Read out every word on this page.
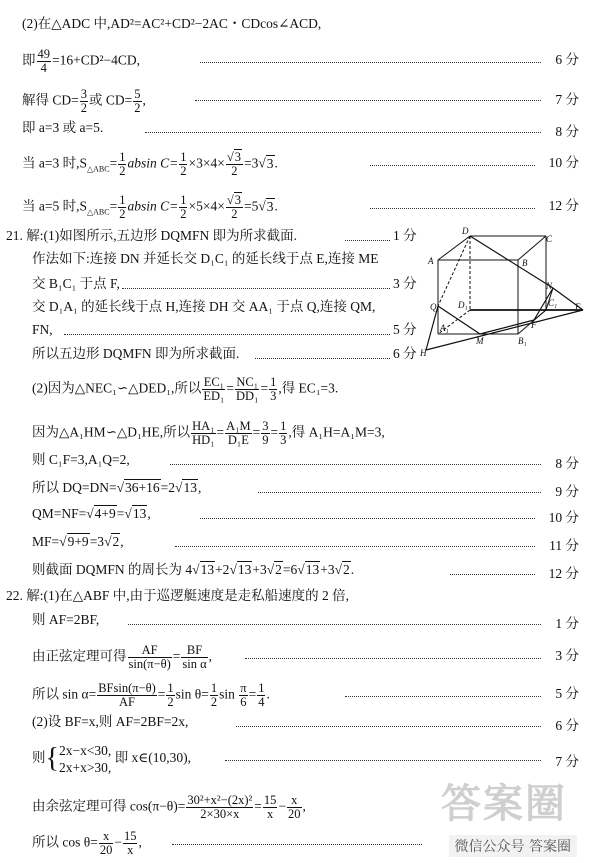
(2)在△ADC 中,AD²=AC²+CD²−2AC・CDcos∠ACD,
即 $\frac{49}{4} =16+CD^2-4CD$,	6 分
解得 $CD= \frac{3}{2}$ 或 $CD= \frac{5}{2}$ ,	7 分
即 a=3 或 a=5.	8 分
当 a=3 时$,S_{\triangle ABC}= \frac{1}{2}$ absin $C= \frac{1}{2} \times 3\times 4\times \frac{√3}{2} =3√3$.	10 分
当 a=5 时$,S_{\triangle ABC}= \frac{1}{2}$ absin $C= \frac{1}{2} \times 5\times 4\times \frac{√3}{2} =5√3$.	12 分
21. 解:(1)如图所示,五边形 DQMFN 即为所求截面.	1 分
作法如下:连接 DN 并延长交 D₁C₁ 的延长线于点 E,连接 ME
交 B₁C₁ 于点 F,	3 分
交 D₁A₁ 的延长线于点 H,连接 DH 交 AA₁ 于点 Q,连接 QM,
FN,	5 分
所以五边形 DQMFN 即为所求截面.	6 分
D
C
A	B
N
C₁ E
D₁
Q
F
A₁
M	B₁
H
(2)因为△NEC₁∽△DED₁,所以 $\frac{\text{EC₁}}{\text{ED₁}} = \frac{\text{NC₁}}{\text{DD₁}} = \frac{1}{3}$ ,得 EC₁=3.
因为△A₁HM∽△D₁HE,所以 $\frac{\text{HA₁}}{\text{HD₁}} = \frac{\text{A₁M}}{\text{D₁E}} = \frac{3}{9} = \frac{1}{3}$ ,得 A₁H=A₁M=3,
则 C₁F=3,A₁Q=2,	8 分
所以 DQ=DN=√36+16=2√13,	9 分
QM=NF=√4+9=√13,	10 分
MF=√9+9=3√2,	11 分
则截面 DQMFN 的周长为 4√13+2√13+3√2=6√13+3√2.	12 分
22. 解:(1)在△ABF 中,由于巡逻艇速度是走私船速度的 2 倍,
则 AF=2BF,	1 分
由正弦定理可得 $\frac{AF}{\sin(\pi-\theta)} = \frac{BF}{\text{sin α}}$ ,	3 分
所以 $\sin \alpha= \frac{BFsin(\pi-\theta)}{AF} = \frac{1}{2}$ $\sin \theta= \frac{1}{2}$ $\sin \frac{\pi}{6} = \frac{1}{4}$ .	5 分
(2)设 BF=x,则 AF=2BF=2x,	6 分
则{ 2x−x<30,
2x+x>30,
即 x∈(10,30),	7 分
由余弦定理可得 $\cos(\pi-\theta)= \frac{\text{30²+x²−(2x)²}}{2\times 30\times x} = \frac{15}{x} - \frac{x}{20}$ ,
所以 $\cos \theta= \frac{x}{20} - \frac{15}{x}$ ,
答案圈
微信公众号 答案圈
